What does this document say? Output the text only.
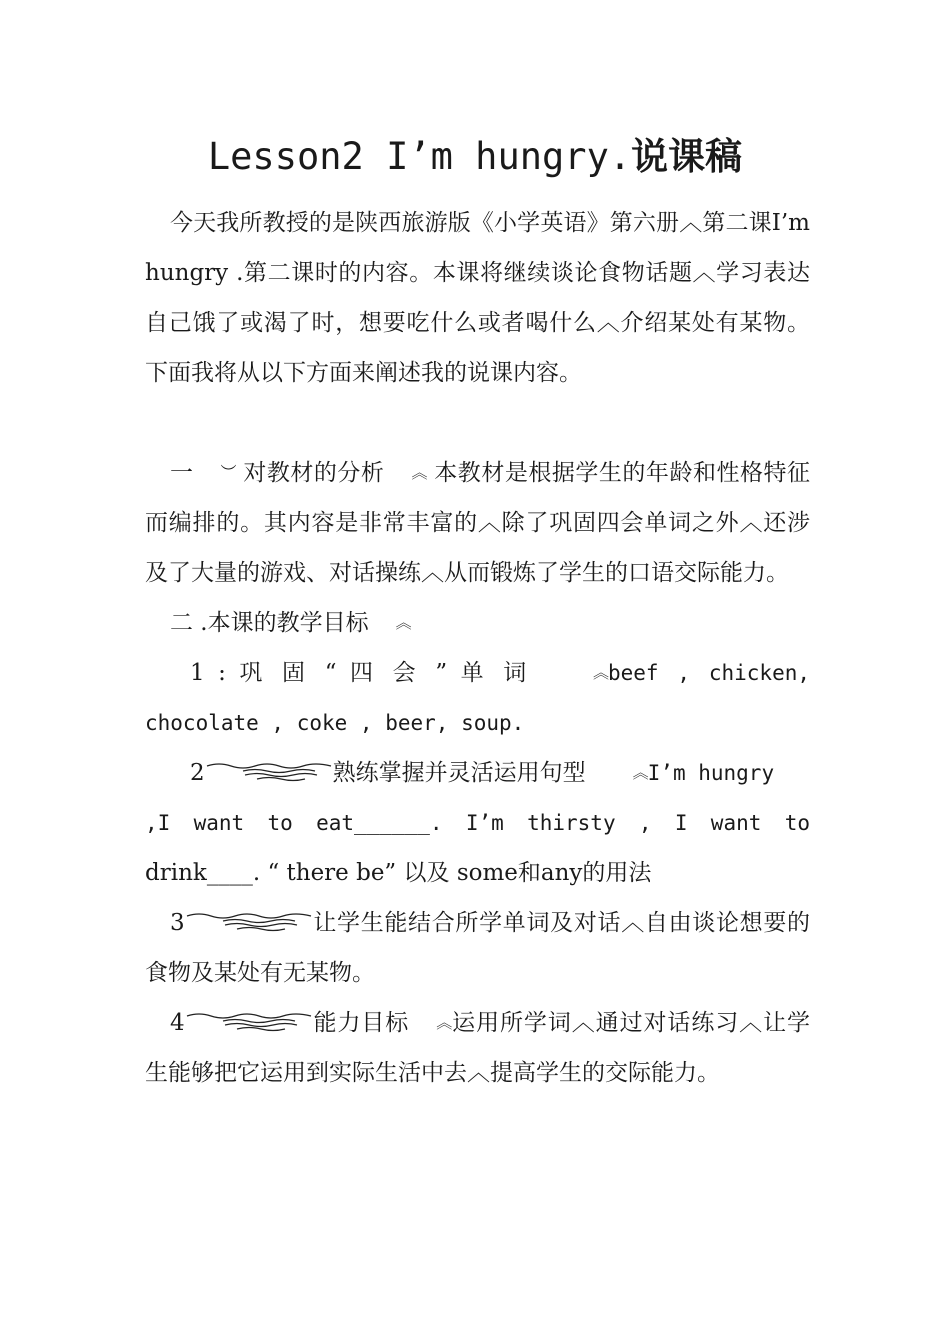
Lesson2 I’m hungry.说课稿

今天我所教授的是陕西旅游版《小学英语》第六册︿第二课I’m hungry .第二课时的内容。本课将继续谈论食物话题︿学习表达自己饿了或渴了时，想要吃什么或者喝什么︿介绍某处有某物。下面我将从以下方面来阐述我的说课内容。

一 ︶ 对教材的分析 ︽ 本教材是根据学生的年龄和性格特征而编排的。其内容是非常丰富的︿除了巩固四会单词之外︿还涉及了大量的游戏、对话操练︿从而锻炼了学生的口语交际能力。

二 .本课的教学目标 ︽

1 : 巩 固 “ 四 会 ” 单 词	︽beef , chicken,

chocolate , coke , beer, soup.

2	熟练掌握并灵活运用句型	︽I’m hungry

,I want to eat______. I’m thirsty , I want to

drink____. “ there be” 以及 some和any的用法

3	让学生能结合所学单词及对话︿自由谈论想要的食物及某处有无某物。

4	能力目标 ︽运用所学词︿通过对话练习︿让学生能够把它运用到实际生活中去︿提高学生的交际能力。
